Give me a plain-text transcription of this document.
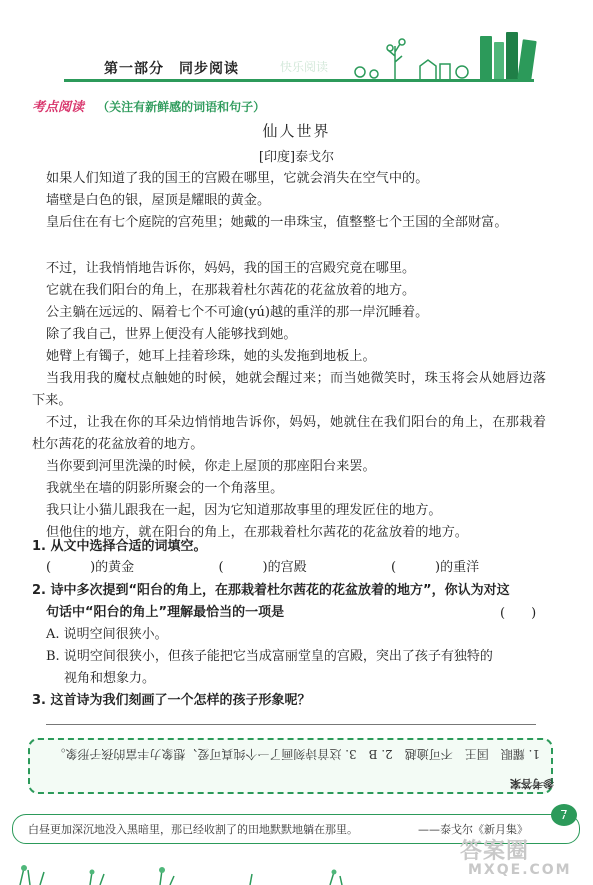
第一部分　同步阅读	快乐阅读
考点阅读 （关注有新鲜感的词语和句子）
仙人世界
[印度]泰戈尔
如果人们知道了我的国王的宫殿在哪里，它就会消失在空气中的。
墙壁是白色的银，屋顶是耀眼的黄金。
皇后住在有七个庭院的宫苑里；她戴的一串珠宝，值整整七个王国的全部财富。
不过，让我悄悄地告诉你，妈妈，我的国王的宫殿究竟在哪里。
它就在我们阳台的角上，在那栽着杜尔茜花的花盆放着的地方。
公主躺在远远的、隔着七个不可逾(yú)越的重洋的那一岸沉睡着。
除了我自己，世界上便没有人能够找到她。
她臂上有镯子，她耳上挂着珍珠，她的头发拖到地板上。
当我用我的魔杖点触她的时候，她就会醒过来；而当她微笑时，珠玉将会从她唇边落下来。
不过，让我在你的耳朵边悄悄地告诉你，妈妈，她就住在我们阳台的角上，在那栽着杜尔茜花的花盆放着的地方。
当你要到河里洗澡的时候，你走上屋顶的那座阳台来罢。
我就坐在墙的阴影所聚会的一个角落里。
我只让小猫儿跟我在一起，因为它知道那故事里的理发匠住的地方。
但他住的地方，就在阳台的角上，在那栽着杜尔茜花的花盆放着的地方。
1. 从文中选择合适的词填空。
(　　　)的黄金	(　　　)的宫殿	(　　　)的重洋
2. 诗中多次提到“阳台的角上，在那栽着杜尔茜花的花盆放着的地方”，你认为对这
句话中“阳台的角上”理解最恰当的一项是	(　　)
A. 说明空间很狭小。
B. 说明空间很狭小，但孩子能把它当成富丽堂皇的宫殿，突出了孩子有独特的
视角和想象力。
3. 这首诗为我们刻画了一个怎样的孩子形象呢？
1. 耀眼　国王　不可逾越　2. B　3. 这首诗刻画了一个纯真可爱、想象力丰富的孩子形象。
参考答案
7
白昼更加深沉地没入黑暗里，那已经收割了的田地默默地躺在那里。	——泰戈尔《新月集》
答案圈
MXQE.COM
